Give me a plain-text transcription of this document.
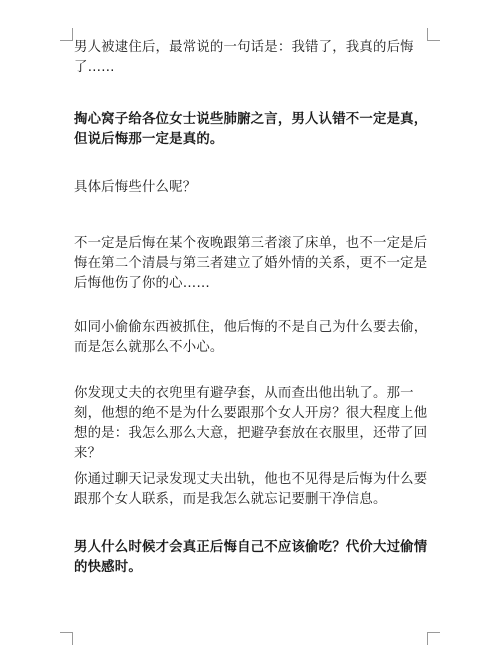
男人被逮住后，最常说的一句话是：我错了，我真的后悔了……

掏心窝子给各位女士说些肺腑之言，男人认错不一定是真，但说后悔那一定是真的。

具体后悔些什么呢？

不一定是后悔在某个夜晚跟第三者滚了床单，也不一定是后悔在第二个清晨与第三者建立了婚外情的关系，更不一定是后悔他伤了你的心……

如同小偷偷东西被抓住，他后悔的不是自己为什么要去偷，而是怎么就那么不小心。

你发现丈夫的衣兜里有避孕套，从而查出他出轨了。那一刻，他想的绝不是为什么要跟那个女人开房？很大程度上他想的是：我怎么那么大意，把避孕套放在衣服里，还带了回来？

你通过聊天记录发现丈夫出轨，他也不见得是后悔为什么要跟那个女人联系，而是我怎么就忘记要删干净信息。

男人什么时候才会真正后悔自己不应该偷吃？代价大过偷情的快感时。
